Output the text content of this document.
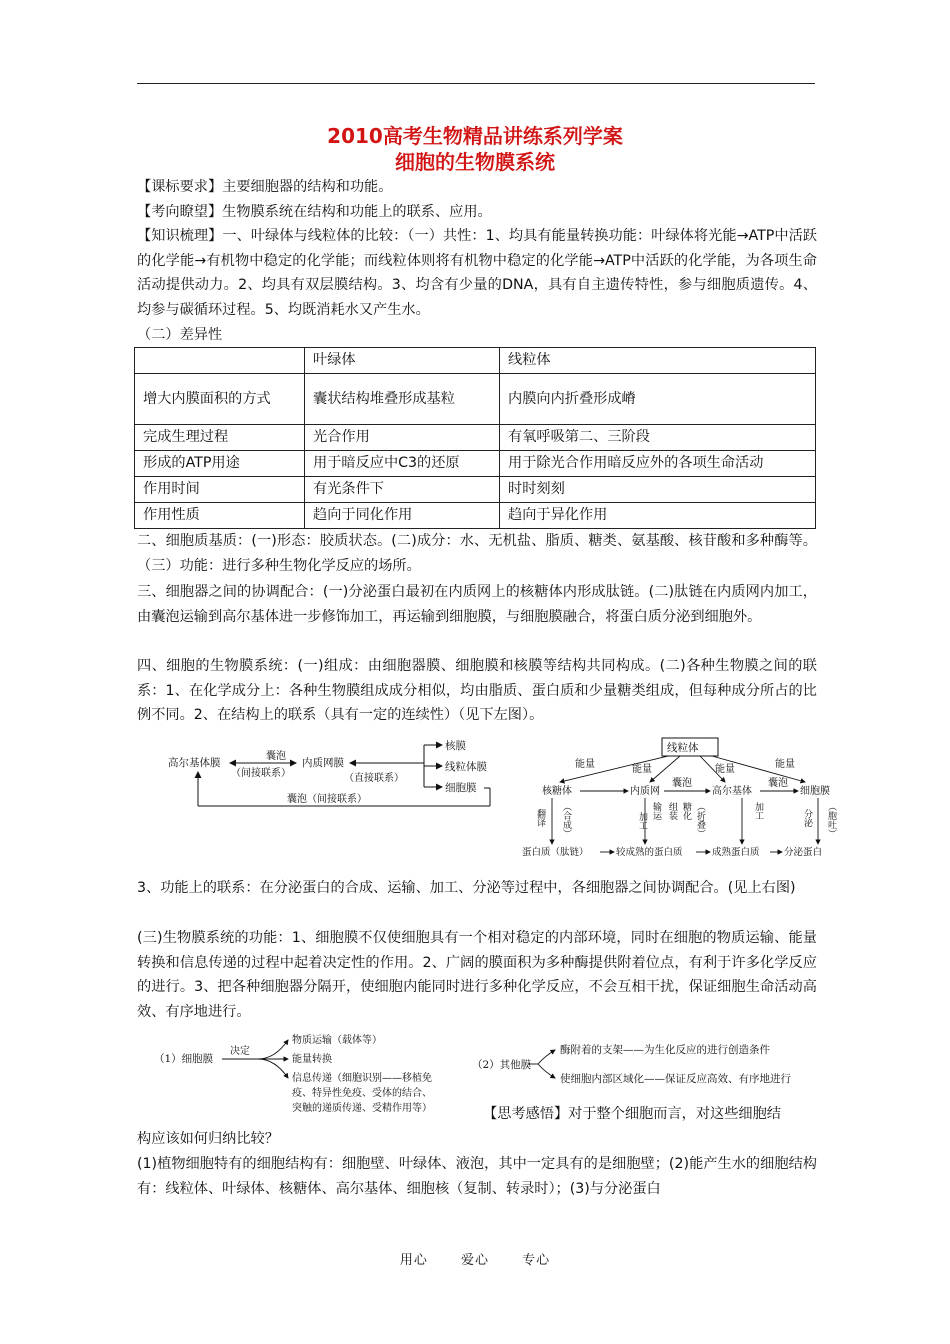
2010高考生物精品讲练系列学案
细胞的生物膜系统
【课标要求】主要细胞器的结构和功能。
【考向瞭望】生物膜系统在结构和功能上的联系、应用。
【知识梳理】一、叶绿体与线粒体的比较：（一）共性：1、均具有能量转换功能：叶绿体将光能→ATP中活跃的化学能→有机物中稳定的化学能；而线粒体则将有机物中稳定的化学能→ATP中活跃的化学能，为各项生命活动提供动力。2、均具有双层膜结构。3、均含有少量的DNA，具有自主遗传特性，参与细胞质遗传。4、均参与碳循环过程。5、均既消耗水又产生水。
（二）差异性
	叶绿体	线粒体
增大内膜面积的方式	囊状结构堆叠形成基粒	内膜向内折叠形成嵴
完成生理过程	光合作用	有氧呼吸第二、三阶段
形成的ATP用途	用于暗反应中C3的还原	用于除光合作用暗反应外的各项生命活动
作用时间	有光条件下	时时刻刻
作用性质	趋向于同化作用	趋向于异化作用
二、细胞质基质：(一)形态：胶质状态。(二)成分：水、无机盐、脂质、糖类、氨基酸、核苷酸和多种酶等。（三）功能：进行多种生物化学反应的场所。
三、细胞器之间的协调配合：(一)分泌蛋白最初在内质网上的核糖体内形成肽链。(二)肽链在内质网内加工，由囊泡运输到高尔基体进一步修饰加工，再运输到细胞膜，与细胞膜融合，将蛋白质分泌到细胞外。
四、细胞的生物膜系统：(一)组成：由细胞器膜、细胞膜和核膜等结构共同构成。(二)各种生物膜之间的联系：1、在化学成分上：各种生物膜组成成分相似，均由脂质、蛋白质和少量糖类组成，但每种成分所占的比例不同。2、在结构上的联系（具有一定的连续性）（见下左图）。
高尔基体膜
囊泡
（间接联系）
内质网膜
（直接联系）
核膜
线粒体膜
细胞膜
囊泡（间接联系）
线粒体
能量	能量	能量	能量
核糖体	内质网
囊泡
高尔基体
囊泡
细胞膜
翻译 （合成）	输运
加工
组装 糖化 （折叠）	加工	分泌 （胞吐）
蛋白质（肽链）	较成熟的蛋白质	成熟蛋白质	分泌蛋白
3、功能上的联系：在分泌蛋白的合成、运输、加工、分泌等过程中，各细胞器之间协调配合。(见上右图)
(三)生物膜系统的功能：1、细胞膜不仅使细胞具有一个相对稳定的内部环境，同时在细胞的物质运输、能量转换和信息传递的过程中起着决定性的作用。2、广阔的膜面积为多种酶提供附着位点，有利于许多化学反应的进行。3、把各种细胞器分隔开，使细胞内能同时进行多种化学反应，不会互相干扰，保证细胞生命活动高效、有序地进行。
（1）细胞膜
决定
物质运输（载体等）
能量转换
信息传递（细胞识别——移植免
疫、特异性免疫、受体的结合、
突触的递质传递、受精作用等）
（2）其他膜
酶附着的支架——为生化反应的进行创造条件
使细胞内部区域化——保证反应高效、有序地进行
【思考感悟】对于整个细胞而言，对这些细胞结
构应该如何归纳比较？
(1)植物细胞特有的细胞结构有：细胞壁、叶绿体、液泡，其中一定具有的是细胞壁；(2)能产生水的细胞结构有：线粒体、叶绿体、核糖体、高尔基体、细胞核（复制、转录时）；(3)与分泌蛋白
用心	爱心	专心
